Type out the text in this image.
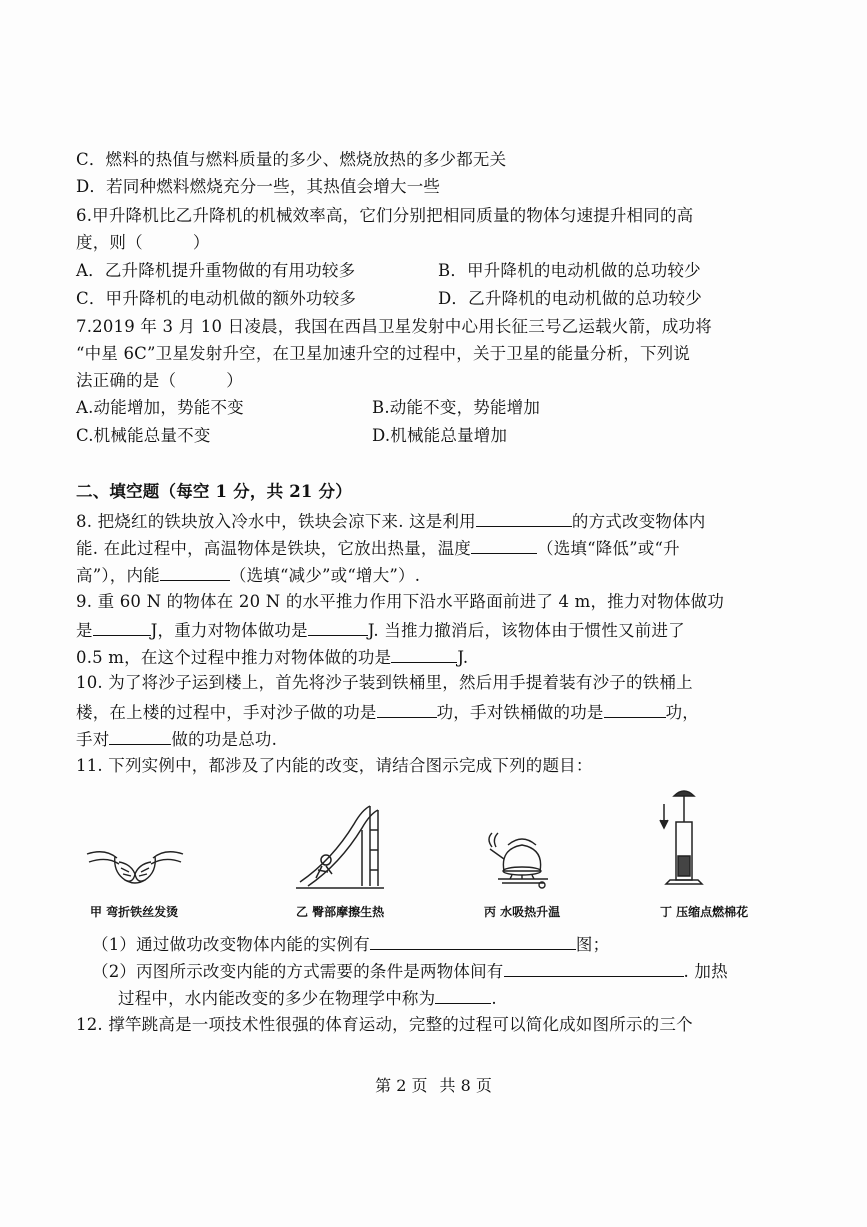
C．燃料的热值与燃料质量的多少、燃烧放热的多少都无关
D．若同种燃料燃烧充分一些，其热值会增大一些
6.甲升降机比乙升降机的机械效率高，它们分别把相同质量的物体匀速提升相同的高
度，则（	）
A．乙升降机提升重物做的有用功较多	B．甲升降机的电动机做的总功较少
C．甲升降机的电动机做的额外功较多	D．乙升降机的电动机做的总功较少
7.2019 年 3 月 10 日凌晨，我国在西昌卫星发射中心用长征三号乙运载火箭，成功将
“中星 6C”卫星发射升空，在卫星加速升空的过程中，关于卫星的能量分析，下列说
法正确的是（	）
A.动能增加，势能不变	B.动能不变，势能增加
C.机械能总量不变	D.机械能总量增加
二、填空题（每空 1 分，共 21 分）
8. 把烧红的铁块放入冷水中，铁块会凉下来. 这是利用	的方式改变物体内
能. 在此过程中，高温物体是铁块，它放出热量，温度	（选填“降低”或“升
高”），内能	（选填“减少”或“增大”）.
9. 重 60 N 的物体在 20 N 的水平推力作用下沿水平路面前进了 4 m，推力对物体做功
是	J，重力对物体做功是	J. 当推力撤消后，该物体由于惯性又前进了
0.5 m，在这个过程中推力对物体做的功是	J.
10. 为了将沙子运到楼上，首先将沙子装到铁桶里，然后用手提着装有沙子的铁桶上
楼，在上楼的过程中，手对沙子做的功是	功，手对铁桶做的功是	功，
手对	做的功是总功.
11. 下列实例中，都涉及了内能的改变，请结合图示完成下列的题目：
甲 弯折铁丝发烫	乙 臀部摩擦生热	丙 水吸热升温	丁 压缩点燃棉花
（1）通过做功改变物体内能的实例有	图；
（2）丙图所示改变内能的方式需要的条件是两物体间有	. 加热
过程中，水内能改变的多少在物理学中称为	.
12. 撑竿跳高是一项技术性很强的体育运动，完整的过程可以简化成如图所示的三个
第 2 页 共 8 页
